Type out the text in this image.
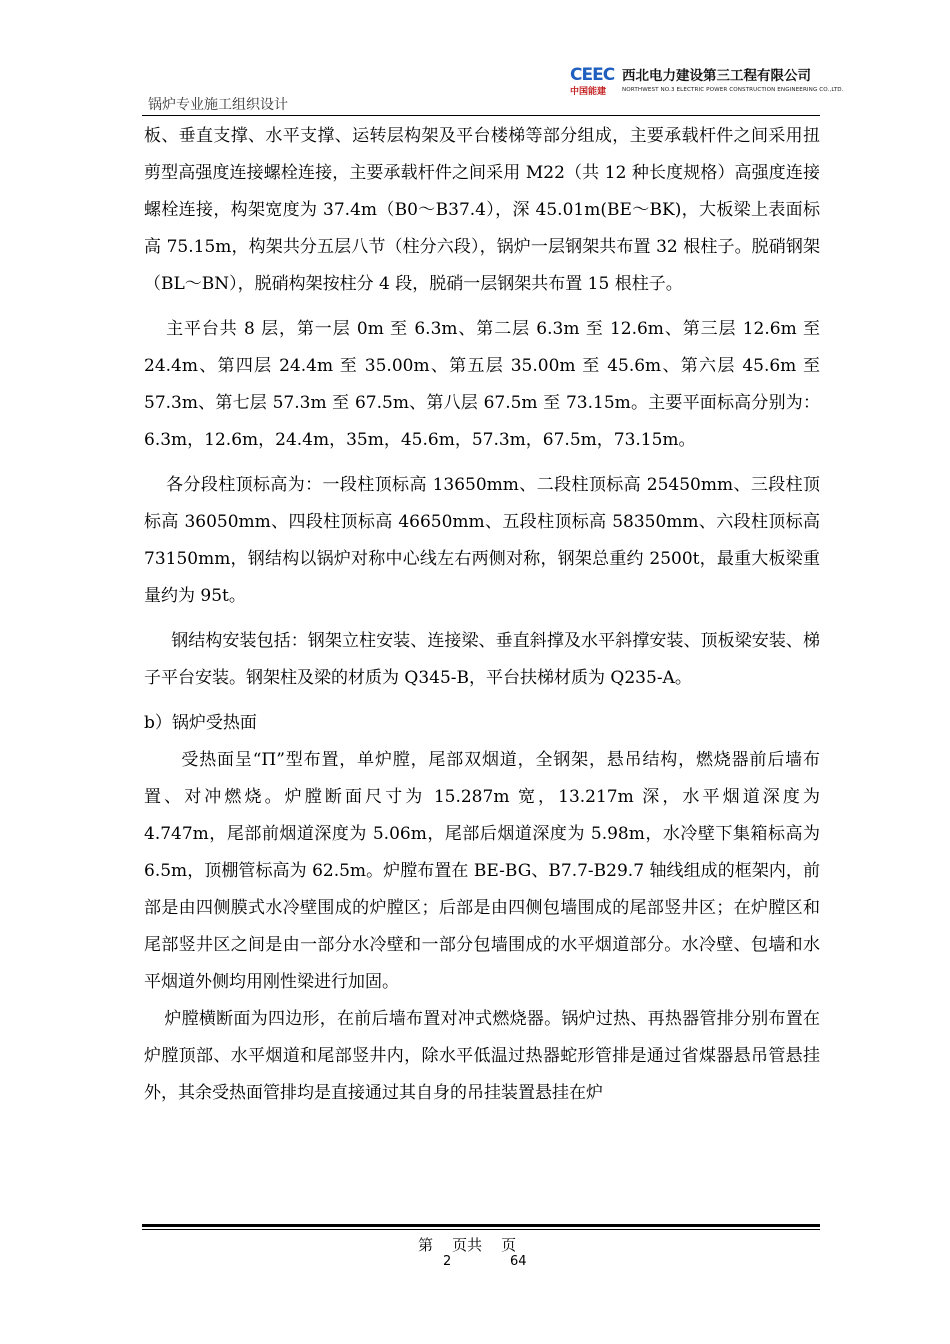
锅炉专业施工组织设计
CEEC 西北电力建设第三工程有限公司
中国能建	NORTHWEST NO.3 ELECTRIC POWER CONSTRUCTION ENGINEERING CO.,LTD.

板、垂直支撑、水平支撑、运转层构架及平台楼梯等部分组成，主要承载杆件之间采用扭剪型高强度连接螺栓连接，主要承载杆件之间采用 M22（共 12 种长度规格）高强度连接螺栓连接，构架宽度为 37.4m（B0～B37.4），深 45.01m(BE～BK)，大板梁上表面标高 75.15m，构架共分五层八节（柱分六段），锅炉一层钢架共布置 32 根柱子。脱硝钢架（BL～BN），脱硝构架按柱分 4 段，脱硝一层钢架共布置 15 根柱子。

主平台共 8 层，第一层 0m 至 6.3m、第二层 6.3m 至 12.6m、第三层 12.6m 至 24.4m、第四层 24.4m 至 35.00m、第五层 35.00m 至 45.6m、第六层 45.6m 至 57.3m、第七层 57.3m 至 67.5m、第八层 67.5m 至 73.15m。主要平面标高分别为：6.3m，12.6m，24.4m，35m，45.6m，57.3m，67.5m，73.15m。

各分段柱顶标高为：一段柱顶标高 13650mm、二段柱顶标高 25450mm、三段柱顶标高 36050mm、四段柱顶标高 46650mm、五段柱顶标高 58350mm、六段柱顶标高 73150mm，钢结构以锅炉对称中心线左右两侧对称，钢架总重约 2500t，最重大板梁重量约为 95t。

钢结构安装包括：钢架立柱安装、连接梁、垂直斜撑及水平斜撑安装、顶板梁安装、梯子平台安装。钢架柱及梁的材质为 Q345-B，平台扶梯材质为 Q235-A。

b）锅炉受热面

受热面呈“Π”型布置，单炉膛，尾部双烟道，全钢架，悬吊结构，燃烧器前后墙布置、对冲燃烧。炉膛断面尺寸为 15.287m 宽，13.217m 深，水平烟道深度为 4.747m，尾部前烟道深度为 5.06m，尾部后烟道深度为 5.98m，水冷壁下集箱标高为 6.5m，顶棚管标高为 62.5m。炉膛布置在 BE-BG、B7.7-B29.7 轴线组成的框架内，前部是由四侧膜式水冷壁围成的炉膛区；后部是由四侧包墙围成的尾部竖井区；在炉膛区和尾部竖井区之间是由一部分水冷壁和一部分包墙围成的水平烟道部分。水冷壁、包墙和水平烟道外侧均用刚性梁进行加固。

炉膛横断面为四边形，在前后墙布置对冲式燃烧器。锅炉过热、再热器管排分别布置在炉膛顶部、水平烟道和尾部竖井内，除水平低温过热器蛇形管排是通过省煤器悬吊管悬挂外，其余受热面管排均是直接通过其自身的吊挂装置悬挂在炉

第    页共    页
2	64
